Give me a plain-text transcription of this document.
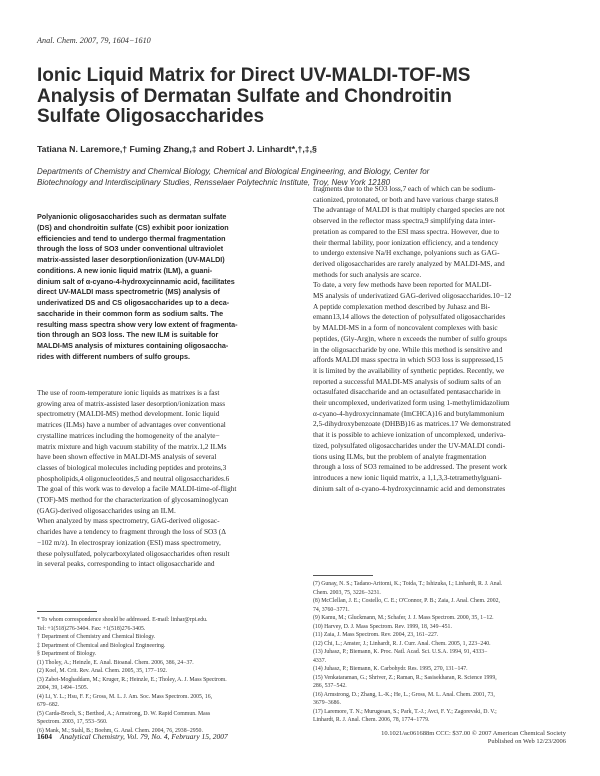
Anal. Chem. 2007, 79, 1604−1610
Ionic Liquid Matrix for Direct UV-MALDI-TOF-MS
Analysis of Dermatan Sulfate and Chondroitin
Sulfate Oligosaccharides
Tatiana N. Laremore,† Fuming Zhang,‡ and Robert J. Linhardt*,†,‡,§
Departments of Chemistry and Chemical Biology, Chemical and Biological Engineering, and Biology, Center for
Biotechnology and Interdisciplinary Studies, Rensselaer Polytechnic Institute, Troy, New York 12180
Polyanionic oligosaccharides such as dermatan sulfate
(DS) and chondroitin sulfate (CS) exhibit poor ionization
efficiencies and tend to undergo thermal fragmentation
through the loss of SO3 under conventional ultraviolet
matrix-assisted laser desorption/ionization (UV-MALDI)
conditions. A new ionic liquid matrix (ILM), a guani-
dinium salt of α-cyano-4-hydroxycinnamic acid, facilitates
direct UV-MALDI mass spectrometric (MS) analysis of
underivatized DS and CS oligosaccharides up to a deca-
saccharide in their common form as sodium salts. The
resulting mass spectra show very low extent of fragmenta-
tion through an SO3 loss. The new ILM is suitable for
MALDI-MS analysis of mixtures containing oligosaccha-
rides with different numbers of sulfo groups.
The use of room-temperature ionic liquids as matrixes is a fast
growing area of matrix-assisted laser desorption/ionization mass
spectrometry (MALDI-MS) method development. Ionic liquid
matrices (ILMs) have a number of advantages over conventional
crystalline matrices including the homogeneity of the analyte−
matrix mixture and high vacuum stability of the matrix.1,2 ILMs
have been shown effective in MALDI-MS analysis of several
classes of biological molecules including peptides and proteins,3
phospholipids,4 oligonucleotides,5 and neutral oligosaccharides.6
The goal of this work was to develop a facile MALDI-time-of-flight
(TOF)-MS method for the characterization of glycosaminoglycan
(GAG)-derived oligosaccharides using an ILM.
When analyzed by mass spectrometry, GAG-derived oligosac-
charides have a tendency to fragment through the loss of SO3 (Δ
−102 m/z). In electrospray ionization (ESI) mass spectrometry,
these polysulfated, polycarboxylated oligosaccharides often result
in several peaks, corresponding to intact oligosaccharide and
* To whom correspondence should be addressed. E-mail: linhar@rpi.edu.
Tel: +1(518)276-3404. Fax: +1(518)276-3405.
† Department of Chemistry and Chemical Biology.
‡ Department of Chemical and Biological Engineering.
§ Department of Biology.
(1) Tholey, A.; Heinzle, E. Anal. Bioanal. Chem. 2006, 386, 24−37.
(2) Koel, M. Crit. Rev. Anal. Chem. 2005, 35, 177−192.
(3) Zabet-Moghaddam, M.; Kruger, R.; Heinzle, E.; Tholey, A. J. Mass Spectrom.
2004, 39, 1494−1505.
(4) Li, Y. L.; Hsu, F. F.; Gross, M. L. J. Am. Soc. Mass Spectrom. 2005, 16,
679−682.
(5) Carda-Broch, S.; Berthod, A.; Armstrong, D. W. Rapid Commun. Mass
Spectrom. 2003, 17, 553−560.
(6) Mank, M.; Stahl, B.; Boehm, G. Anal. Chem. 2004, 76, 2938−2950.
fragments due to the SO3 loss,7 each of which can be sodium-
cationized, protonated, or both and have various charge states.8
The advantage of MALDI is that multiply charged species are not
observed in the reflector mass spectra,9 simplifying data inter-
pretation as compared to the ESI mass spectra. However, due to
their thermal lability, poor ionization efficiency, and a tendency
to undergo extensive Na/H exchange, polyanions such as GAG-
derived oligosaccharides are rarely analyzed by MALDI-MS, and
methods for such analysis are scarce.
To date, a very few methods have been reported for MALDI-
MS analysis of underivatized GAG-derived oligosaccharides.10−12
A peptide complexation method described by Juhasz and Bi-
emann13,14 allows the detection of polysulfated oligosaccharides
by MALDI-MS in a form of noncovalent complexes with basic
peptides, (Gly-Arg)n, where n exceeds the number of sulfo groups
in the oligosaccharide by one. While this method is sensitive and
affords MALDI mass spectra in which SO3 loss is suppressed,15
it is limited by the availability of synthetic peptides. Recently, we
reported a successful MALDI-MS analysis of sodium salts of an
octasulfated disaccharide and an octasulfated pentasaccharide in
their uncomplexed, underivatized form using 1-methylimidazolium
α-cyano-4-hydroxycinnamate (ImCHCA)16 and butylammonium
2,5-dihydroxybenzoate (DHBB)16 as matrices.17 We demonstrated
that it is possible to achieve ionization of uncomplexed, underiva-
tized, polysulfated oligosaccharides under the UV-MALDI condi-
tions using ILMs, but the problem of analyte fragmentation
through a loss of SO3 remained to be addressed. The present work
introduces a new ionic liquid matrix, a 1,1,3,3-tetramethylguani-
dinium salt of α-cyano-4-hydroxycinnamic acid and demonstrates
(7) Gunay, N. S.; Tadano-Aritomi, K.; Toida, T.; Ishizuka, I.; Linhardt, R. J. Anal.
Chem. 2003, 75, 3226−3231.
(8) McClellan, J. E.; Costello, C. E.; O'Connor, P. B.; Zaia, J. Anal. Chem. 2002,
74, 3760−3771.
(9) Kamu, M.; Gluckmann, M.; Schafer, J. J. Mass Spectrom. 2000, 35, 1−12.
(10) Harvey, D. J. Mass Spectrom. Rev. 1999, 18, 349−451.
(11) Zaia, J. Mass Spectrom. Rev. 2004, 23, 161−227.
(12) Chi, L.; Amster, J.; Linhardt, R. J. Curr. Anal. Chem. 2005, 1, 223−240.
(13) Juhasz, P.; Biemann, K. Proc. Natl. Acad. Sci. U.S.A. 1994, 91, 4333−
4337.
(14) Juhasz, P.; Biemann, K. Carbohydr. Res. 1995, 270, 131−147.
(15) Venkataraman, G.; Shriver, Z.; Raman, R.; Sasisekharan, R. Science 1999,
286, 537−542.
(16) Armstrong, D.; Zhang, L.-K.; He, L.; Gross, M. L. Anal. Chem. 2001, 73,
3679−3686.
(17) Laremore, T. N.; Murugesan, S.; Park, T.-J.; Avci, F. Y.; Zagorevski, D. V.;
Linhardt, R. J. Anal. Chem. 2006, 78, 1774−1779.
1604 Analytical Chemistry, Vol. 79, No. 4, February 15, 2007	10.1021/ac061688m CCC: $37.00 © 2007 American Chemical Society
Published on Web 12/23/2006
